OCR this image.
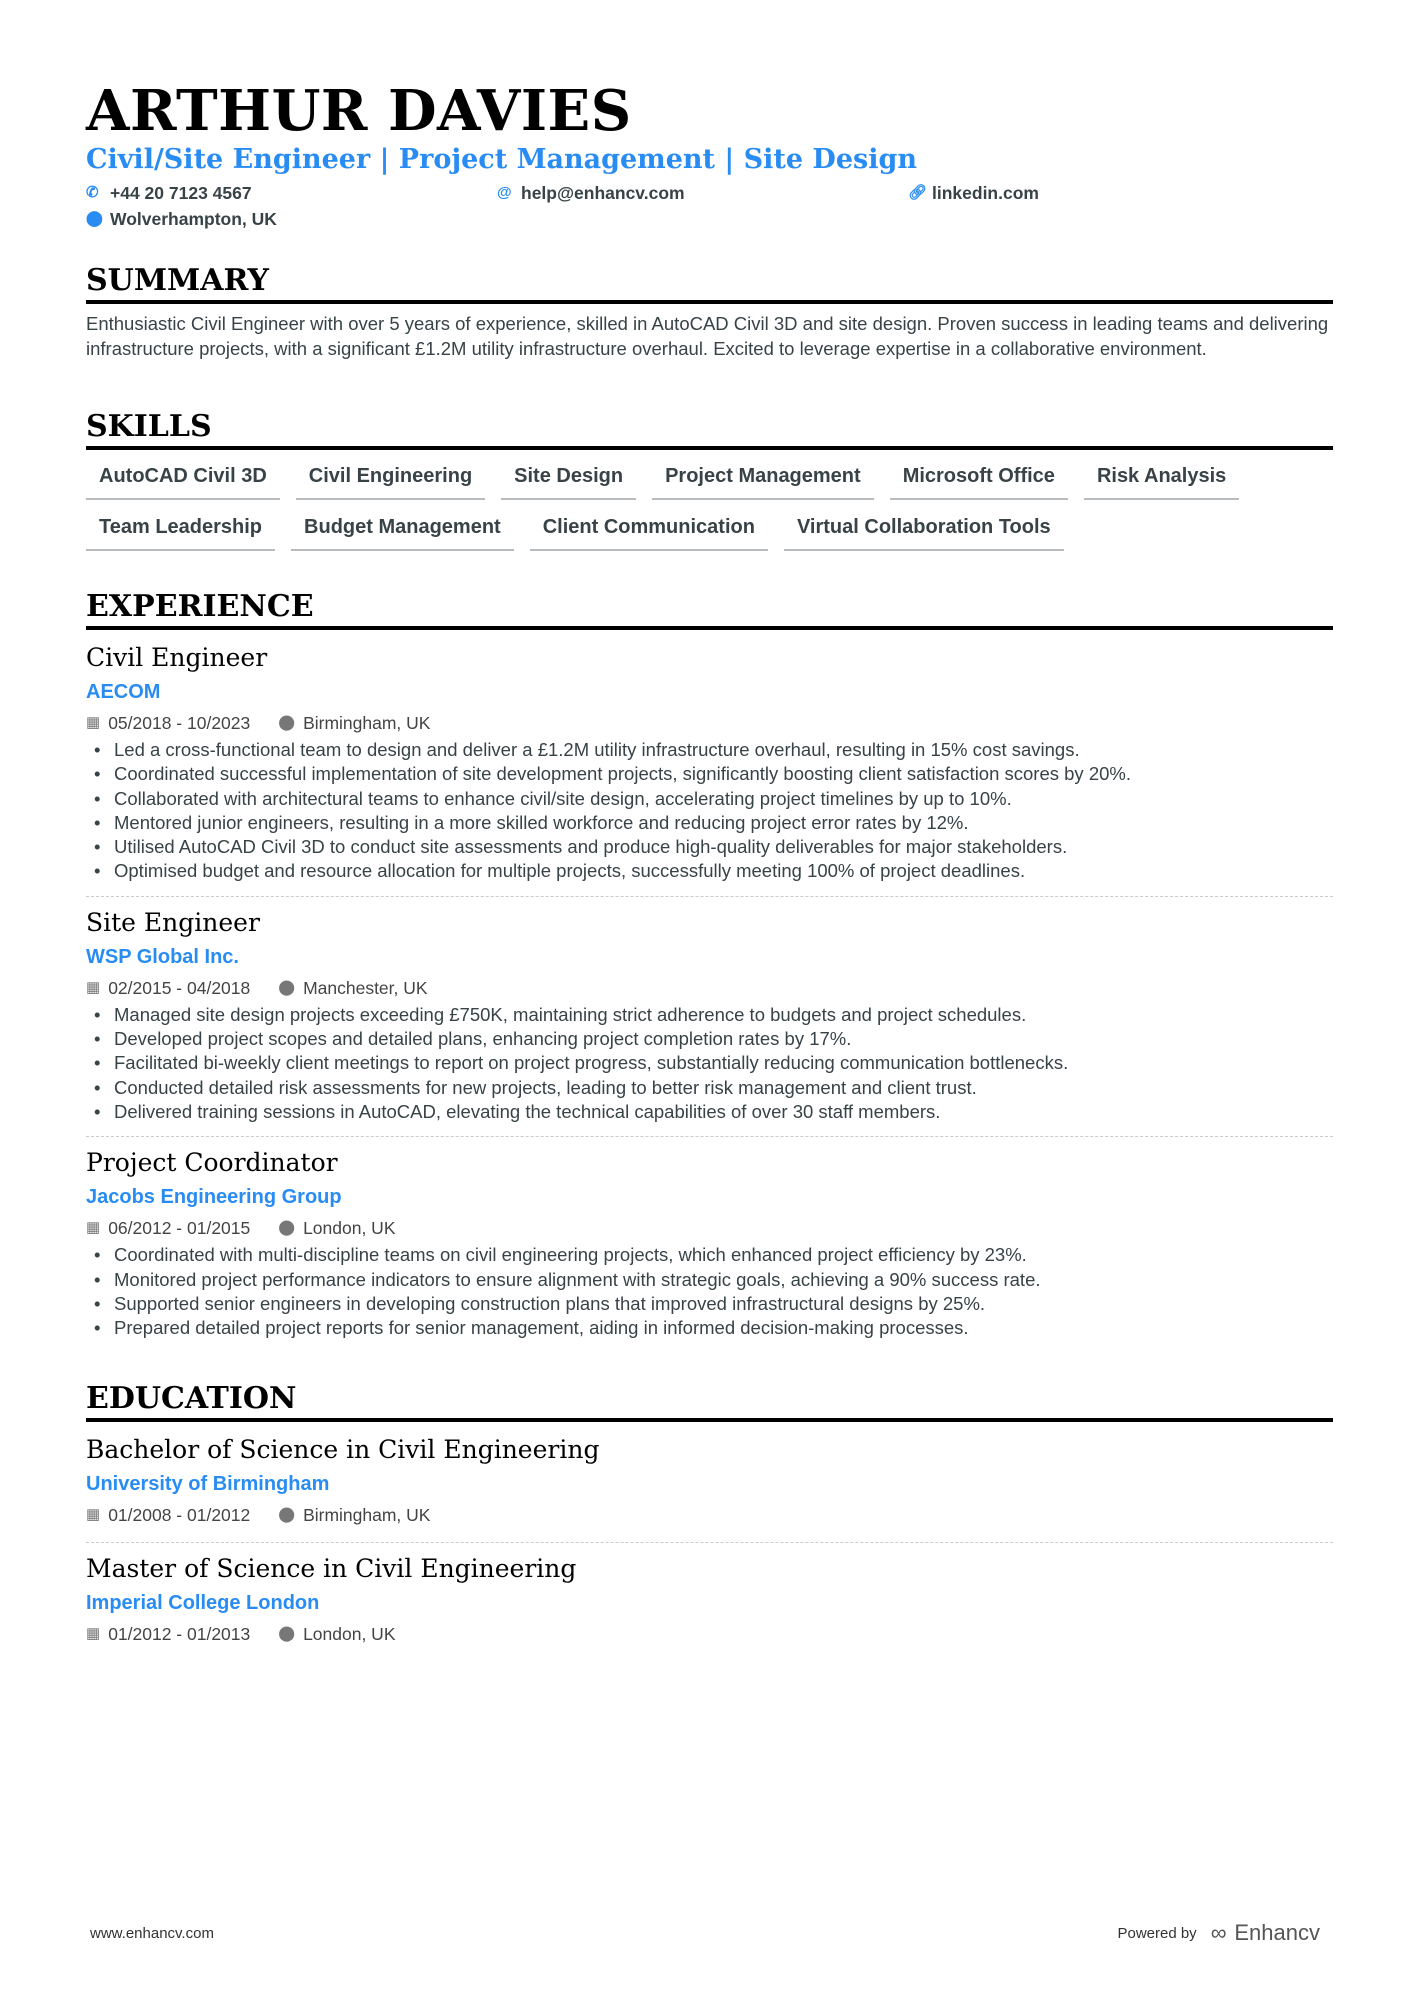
ARTHUR DAVIES
Civil/Site Engineer | Project Management | Site Design
✆ +44 20 7123 4567	@ help@enhancv.com	🔗︎ linkedin.com
⬤ Wolverhampton, UK
SUMMARY
Enthusiastic Civil Engineer with over 5 years of experience, skilled in AutoCAD Civil 3D and site design. Proven success in leading teams and delivering infrastructure projects, with a significant £1.2M utility infrastructure overhaul. Excited to leverage expertise in a collaborative environment.
SKILLS
AutoCAD Civil 3D	Civil Engineering	Site Design	Project Management	Microsoft Office	Risk Analysis
Team Leadership	Budget Management	Client Communication	Virtual Collaboration Tools
EXPERIENCE
Civil Engineer
AECOM
▦ 05/2018 - 10/2023 ⬤ Birmingham, UK
• Led a cross-functional team to design and deliver a £1.2M utility infrastructure overhaul, resulting in 15% cost savings.
• Coordinated successful implementation of site development projects, significantly boosting client satisfaction scores by 20%.
• Collaborated with architectural teams to enhance civil/site design, accelerating project timelines by up to 10%.
• Mentored junior engineers, resulting in a more skilled workforce and reducing project error rates by 12%.
• Utilised AutoCAD Civil 3D to conduct site assessments and produce high-quality deliverables for major stakeholders.
• Optimised budget and resource allocation for multiple projects, successfully meeting 100% of project deadlines.
Site Engineer
WSP Global Inc.
▦ 02/2015 - 04/2018 ⬤ Manchester, UK
• Managed site design projects exceeding £750K, maintaining strict adherence to budgets and project schedules.
• Developed project scopes and detailed plans, enhancing project completion rates by 17%.
• Facilitated bi-weekly client meetings to report on project progress, substantially reducing communication bottlenecks.
• Conducted detailed risk assessments for new projects, leading to better risk management and client trust.
• Delivered training sessions in AutoCAD, elevating the technical capabilities of over 30 staff members.
Project Coordinator
Jacobs Engineering Group
▦ 06/2012 - 01/2015 ⬤ London, UK
• Coordinated with multi-discipline teams on civil engineering projects, which enhanced project efficiency by 23%.
• Monitored project performance indicators to ensure alignment with strategic goals, achieving a 90% success rate.
• Supported senior engineers in developing construction plans that improved infrastructural designs by 25%.
• Prepared detailed project reports for senior management, aiding in informed decision-making processes.
EDUCATION
Bachelor of Science in Civil Engineering
University of Birmingham
▦ 01/2008 - 01/2012 ⬤ Birmingham, UK
Master of Science in Civil Engineering
Imperial College London
▦ 01/2012 - 01/2013 ⬤ London, UK
www.enhancv.com	Powered by ∞ Enhancv
